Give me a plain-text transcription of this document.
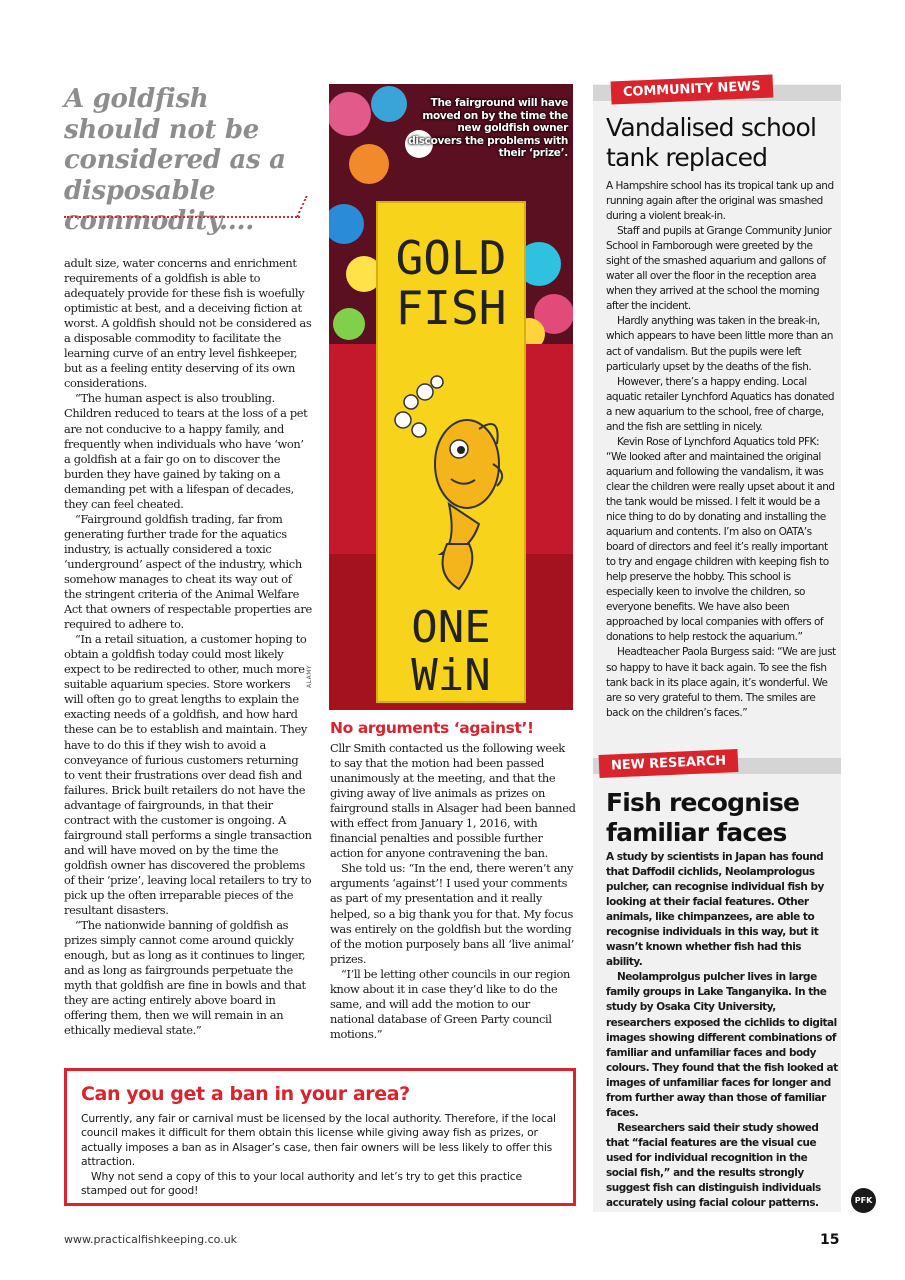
A goldfish should not be considered as a disposable commodity....

adult size, water concerns and enrichment requirements of a goldfish is able to adequately provide for these fish is woefully optimistic at best, and a deceiving fiction at worst. A goldfish should not be considered as a disposable commodity to facilitate the learning curve of an entry level fishkeeper, but as a feeling entity deserving of its own considerations.

“The human aspect is also troubling. Children reduced to tears at the loss of a pet are not conducive to a happy family, and frequently when individuals who have ‘won’ a goldfish at a fair go on to discover the burden they have gained by taking on a demanding pet with a lifespan of decades, they can feel cheated.

“Fairground goldfish trading, far from generating further trade for the aquatics industry, is actually considered a toxic ‘underground’ aspect of the industry, which somehow manages to cheat its way out of the stringent criteria of the Animal Welfare Act that owners of respectable properties are required to adhere to.

“In a retail situation, a customer hoping to obtain a goldfish today could most likely expect to be redirected to other, much more suitable aquarium species. Store workers will often go to great lengths to explain the exacting needs of a goldfish, and how hard these can be to establish and maintain. They have to do this if they wish to avoid a conveyance of furious customers returning to vent their frustrations over dead fish and failures. Brick built retailers do not have the advantage of fairgrounds, in that their contract with the customer is ongoing. A fairground stall performs a single transaction and will have moved on by the time the goldfish owner has discovered the problems of their ‘prize’, leaving local retailers to try to pick up the often irreparable pieces of the resultant disasters.

“The nationwide banning of goldfish as prizes simply cannot come around quickly enough, but as long as it continues to linger, and as long as fairgrounds perpetuate the myth that goldfish are fine in bowls and that they are acting entirely above board in offering them, then we will remain in an ethically medieval state.”

GOLD
FISH
ONE
WiN
The fairground will have moved on by the time the new goldfish owner discovers the problems with their ‘prize’.
ALAMY
No arguments ‘against’!

Cllr Smith contacted us the following week to say that the motion had been passed unanimously at the meeting, and that the giving away of live animals as prizes on fairground stalls in Alsager had been banned with effect from January 1, 2016, with financial penalties and possible further action for anyone contravening the ban.

She told us: “In the end, there weren’t any arguments ‘against’! I used your comments as part of my presentation and it really helped, so a big thank you for that. My focus was entirely on the goldfish but the wording of the motion purposely bans all ‘live animal’ prizes.

“I’ll be letting other councils in our region know about it in case they’d like to do the same, and will add the motion to our national database of Green Party council motions.”

Can you get a ban in your area?

Currently, any fair or carnival must be licensed by the local authority. Therefore, if the local council makes it difficult for them obtain this license while giving away fish as prizes, or actually imposes a ban as in Alsager’s case, then fair owners will be less likely to offer this attraction.

Why not send a copy of this to your local authority and let’s try to get this practice stamped out for good!

COMMUNITY NEWS
Vandalised school tank replaced

A Hampshire school has its tropical tank up and running again after the original was smashed during a violent break-in.

Staff and pupils at Grange Community Junior School in Farnborough were greeted by the sight of the smashed aquarium and gallons of water all over the floor in the reception area when they arrived at the school the morning after the incident.

Hardly anything was taken in the break-in, which appears to have been little more than an act of vandalism. But the pupils were left particularly upset by the deaths of the fish.

However, there’s a happy ending. Local aquatic retailer Lynchford Aquatics has donated a new aquarium to the school, free of charge, and the fish are settling in nicely.

Kevin Rose of Lynchford Aquatics told PFK: “We looked after and maintained the original aquarium and following the vandalism, it was clear the children were really upset about it and the tank would be missed. I felt it would be a nice thing to do by donating and installing the aquarium and contents. I’m also on OATA’s board of directors and feel it’s really important to try and engage children with keeping fish to help preserve the hobby. This school is especially keen to involve the children, so everyone benefits. We have also been approached by local companies with offers of donations to help restock the aquarium.”

Headteacher Paola Burgess said: “We are just so happy to have it back again. To see the fish tank back in its place again, it’s wonderful. We are so very grateful to them. The smiles are back on the children’s faces.”

NEW RESEARCH
Fish recognise familiar faces

A study by scientists in Japan has found that Daffodil cichlids, Neolamprologus pulcher, can recognise individual fish by looking at their facial features. Other animals, like chimpanzees, are able to recognise individuals in this way, but it wasn’t known whether fish had this ability.

Neolamprolgus pulcher lives in large family groups in Lake Tanganyika. In the study by Osaka City University, researchers exposed the cichlids to digital images showing different combinations of familiar and unfamiliar faces and body colours. They found that the fish looked at images of unfamiliar faces for longer and from further away than those of familiar faces.

Researchers said their study showed that “facial features are the visual cue used for individual recognition in the social fish,” and the results strongly suggest fish can distinguish individuals accurately using facial colour patterns.	PFK
www.practicalfishkeeping.co.uk	15
